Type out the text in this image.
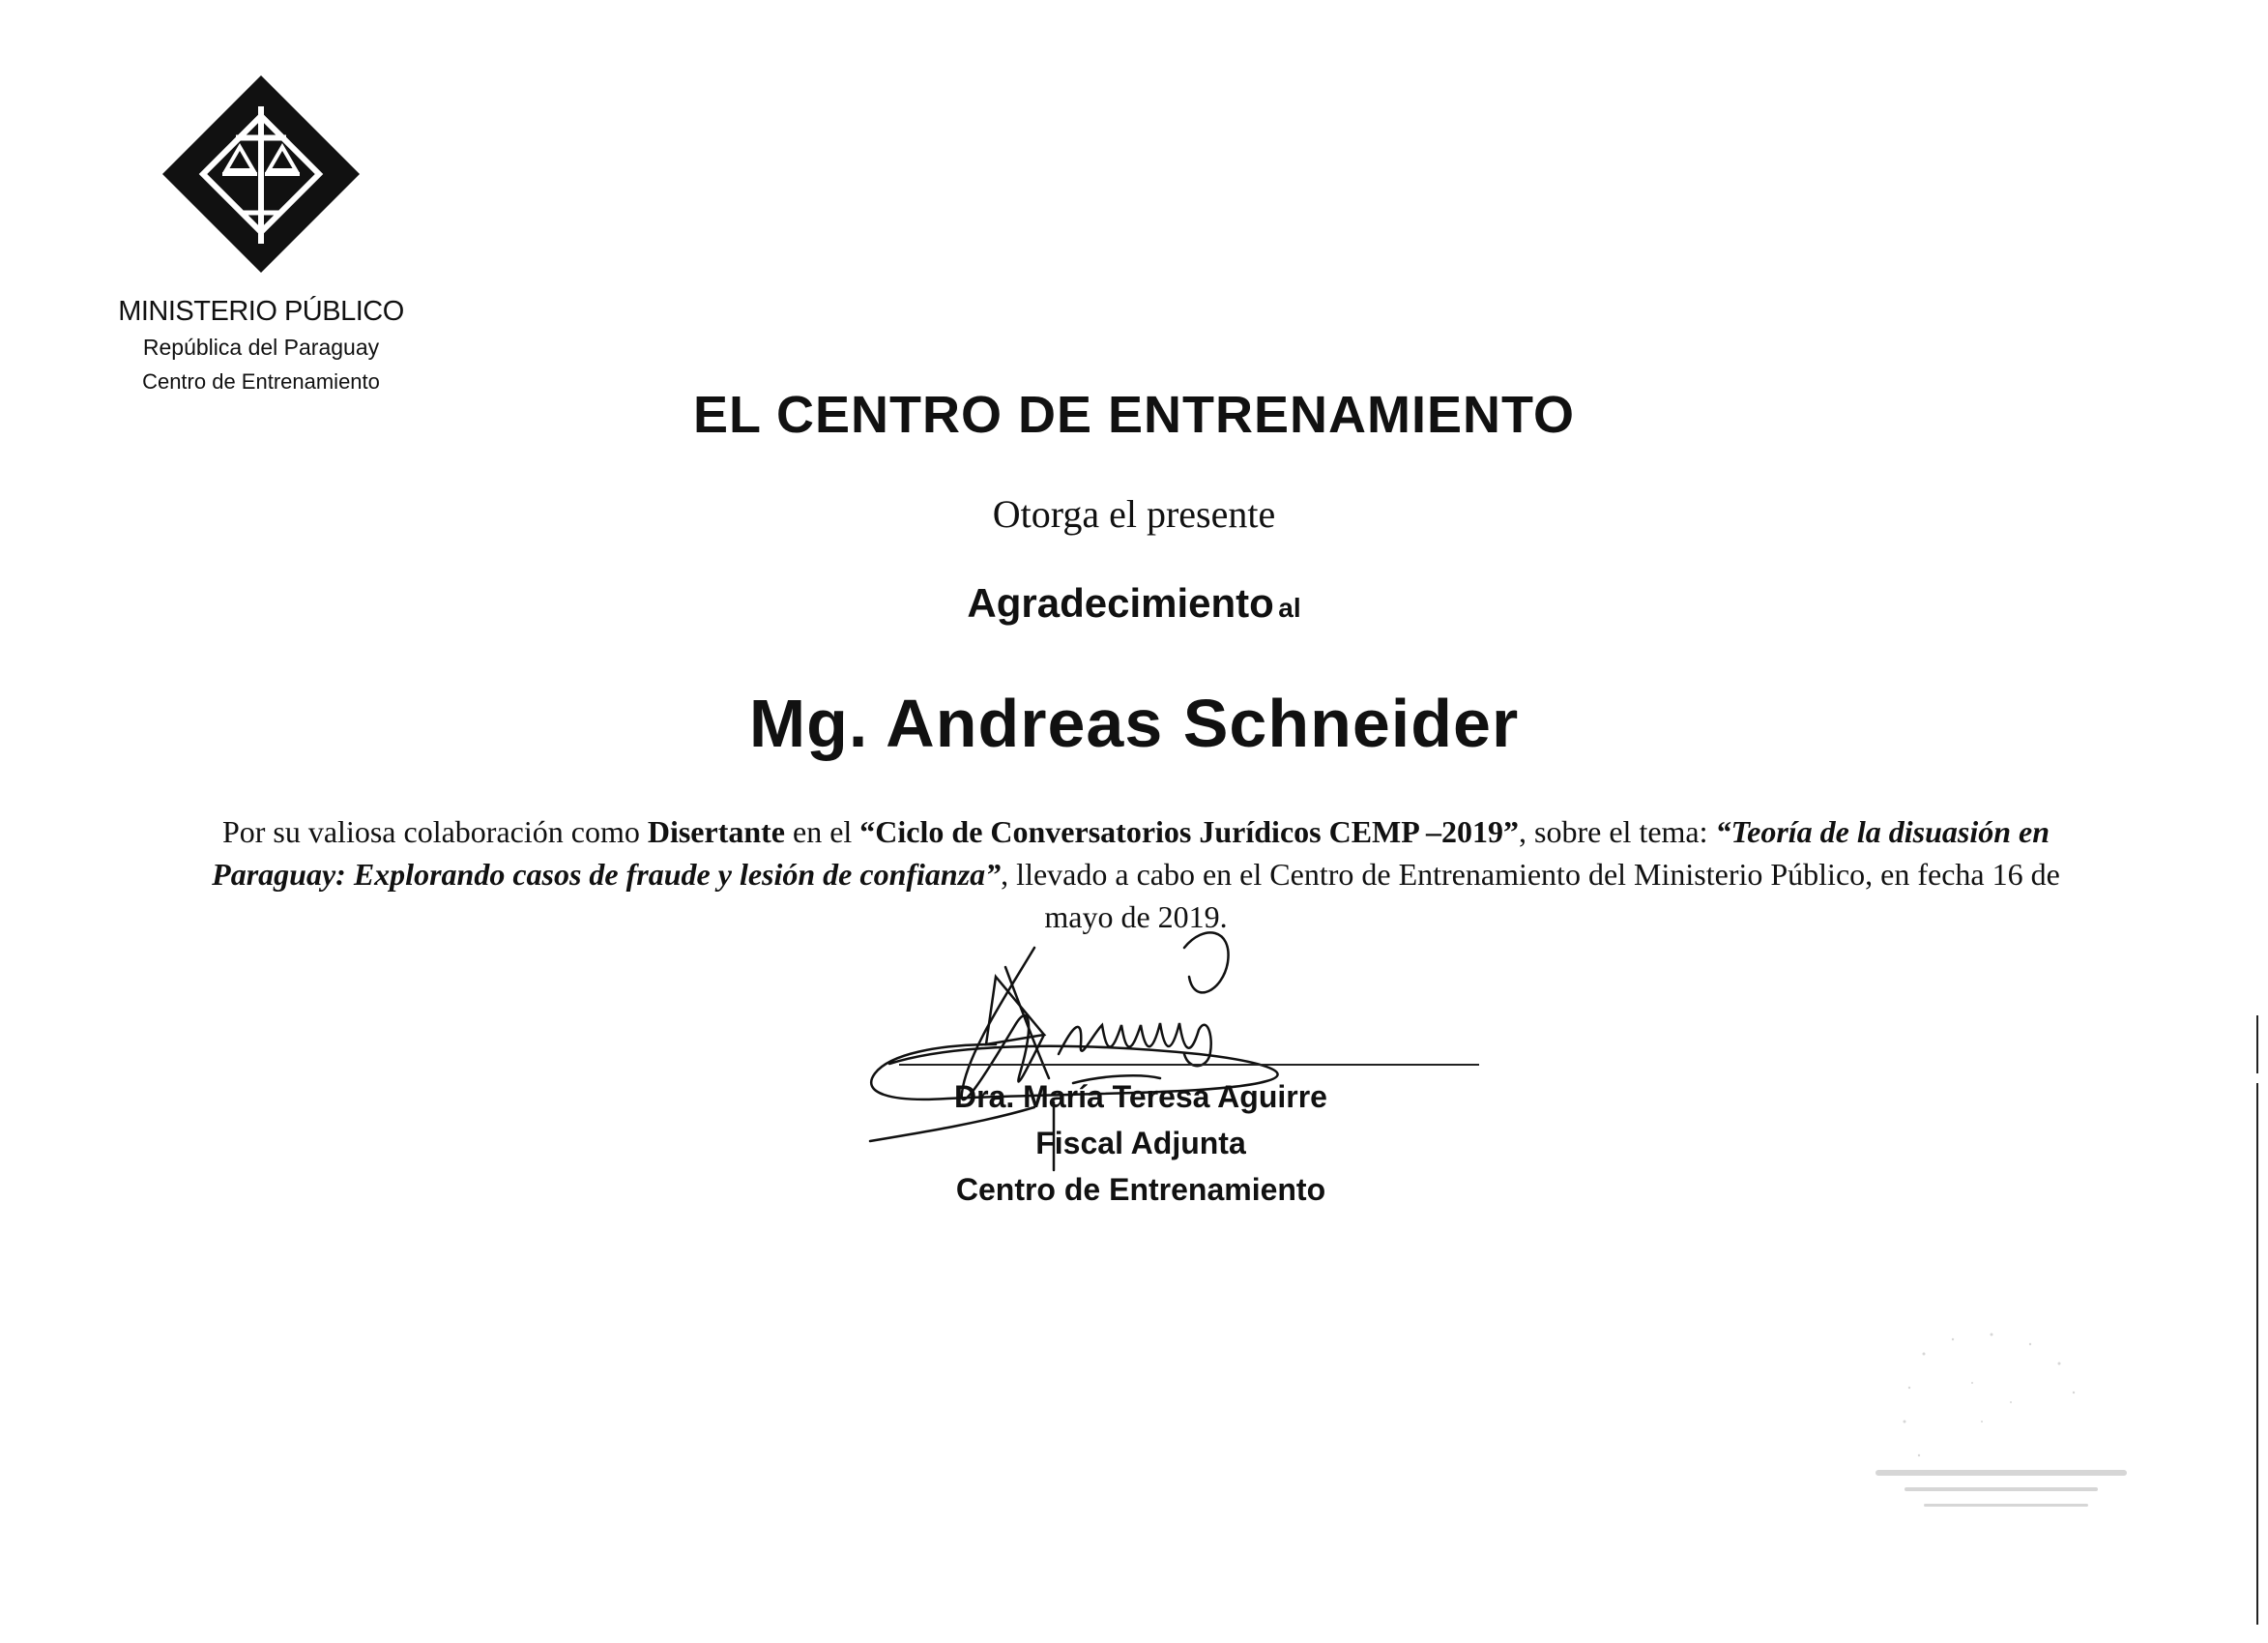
MINISTERIO PÚBLICO
República del Paraguay
Centro de Entrenamiento
EL CENTRO DE ENTRENAMIENTO
Otorga el presente
Agradecimiento al
Mg. Andreas Schneider
Por su valiosa colaboración como Disertante en el “Ciclo de Conversatorios Jurídicos CEMP –2019”, sobre el tema: “Teoría de la disuasión en Paraguay: Explorando casos de fraude y lesión de confianza”, llevado a cabo en el Centro de Entrenamiento del Ministerio Público, en fecha 16 de mayo de 2019.
Dra. María Teresa Aguirre
Fiscal Adjunta
Centro de Entrenamiento
